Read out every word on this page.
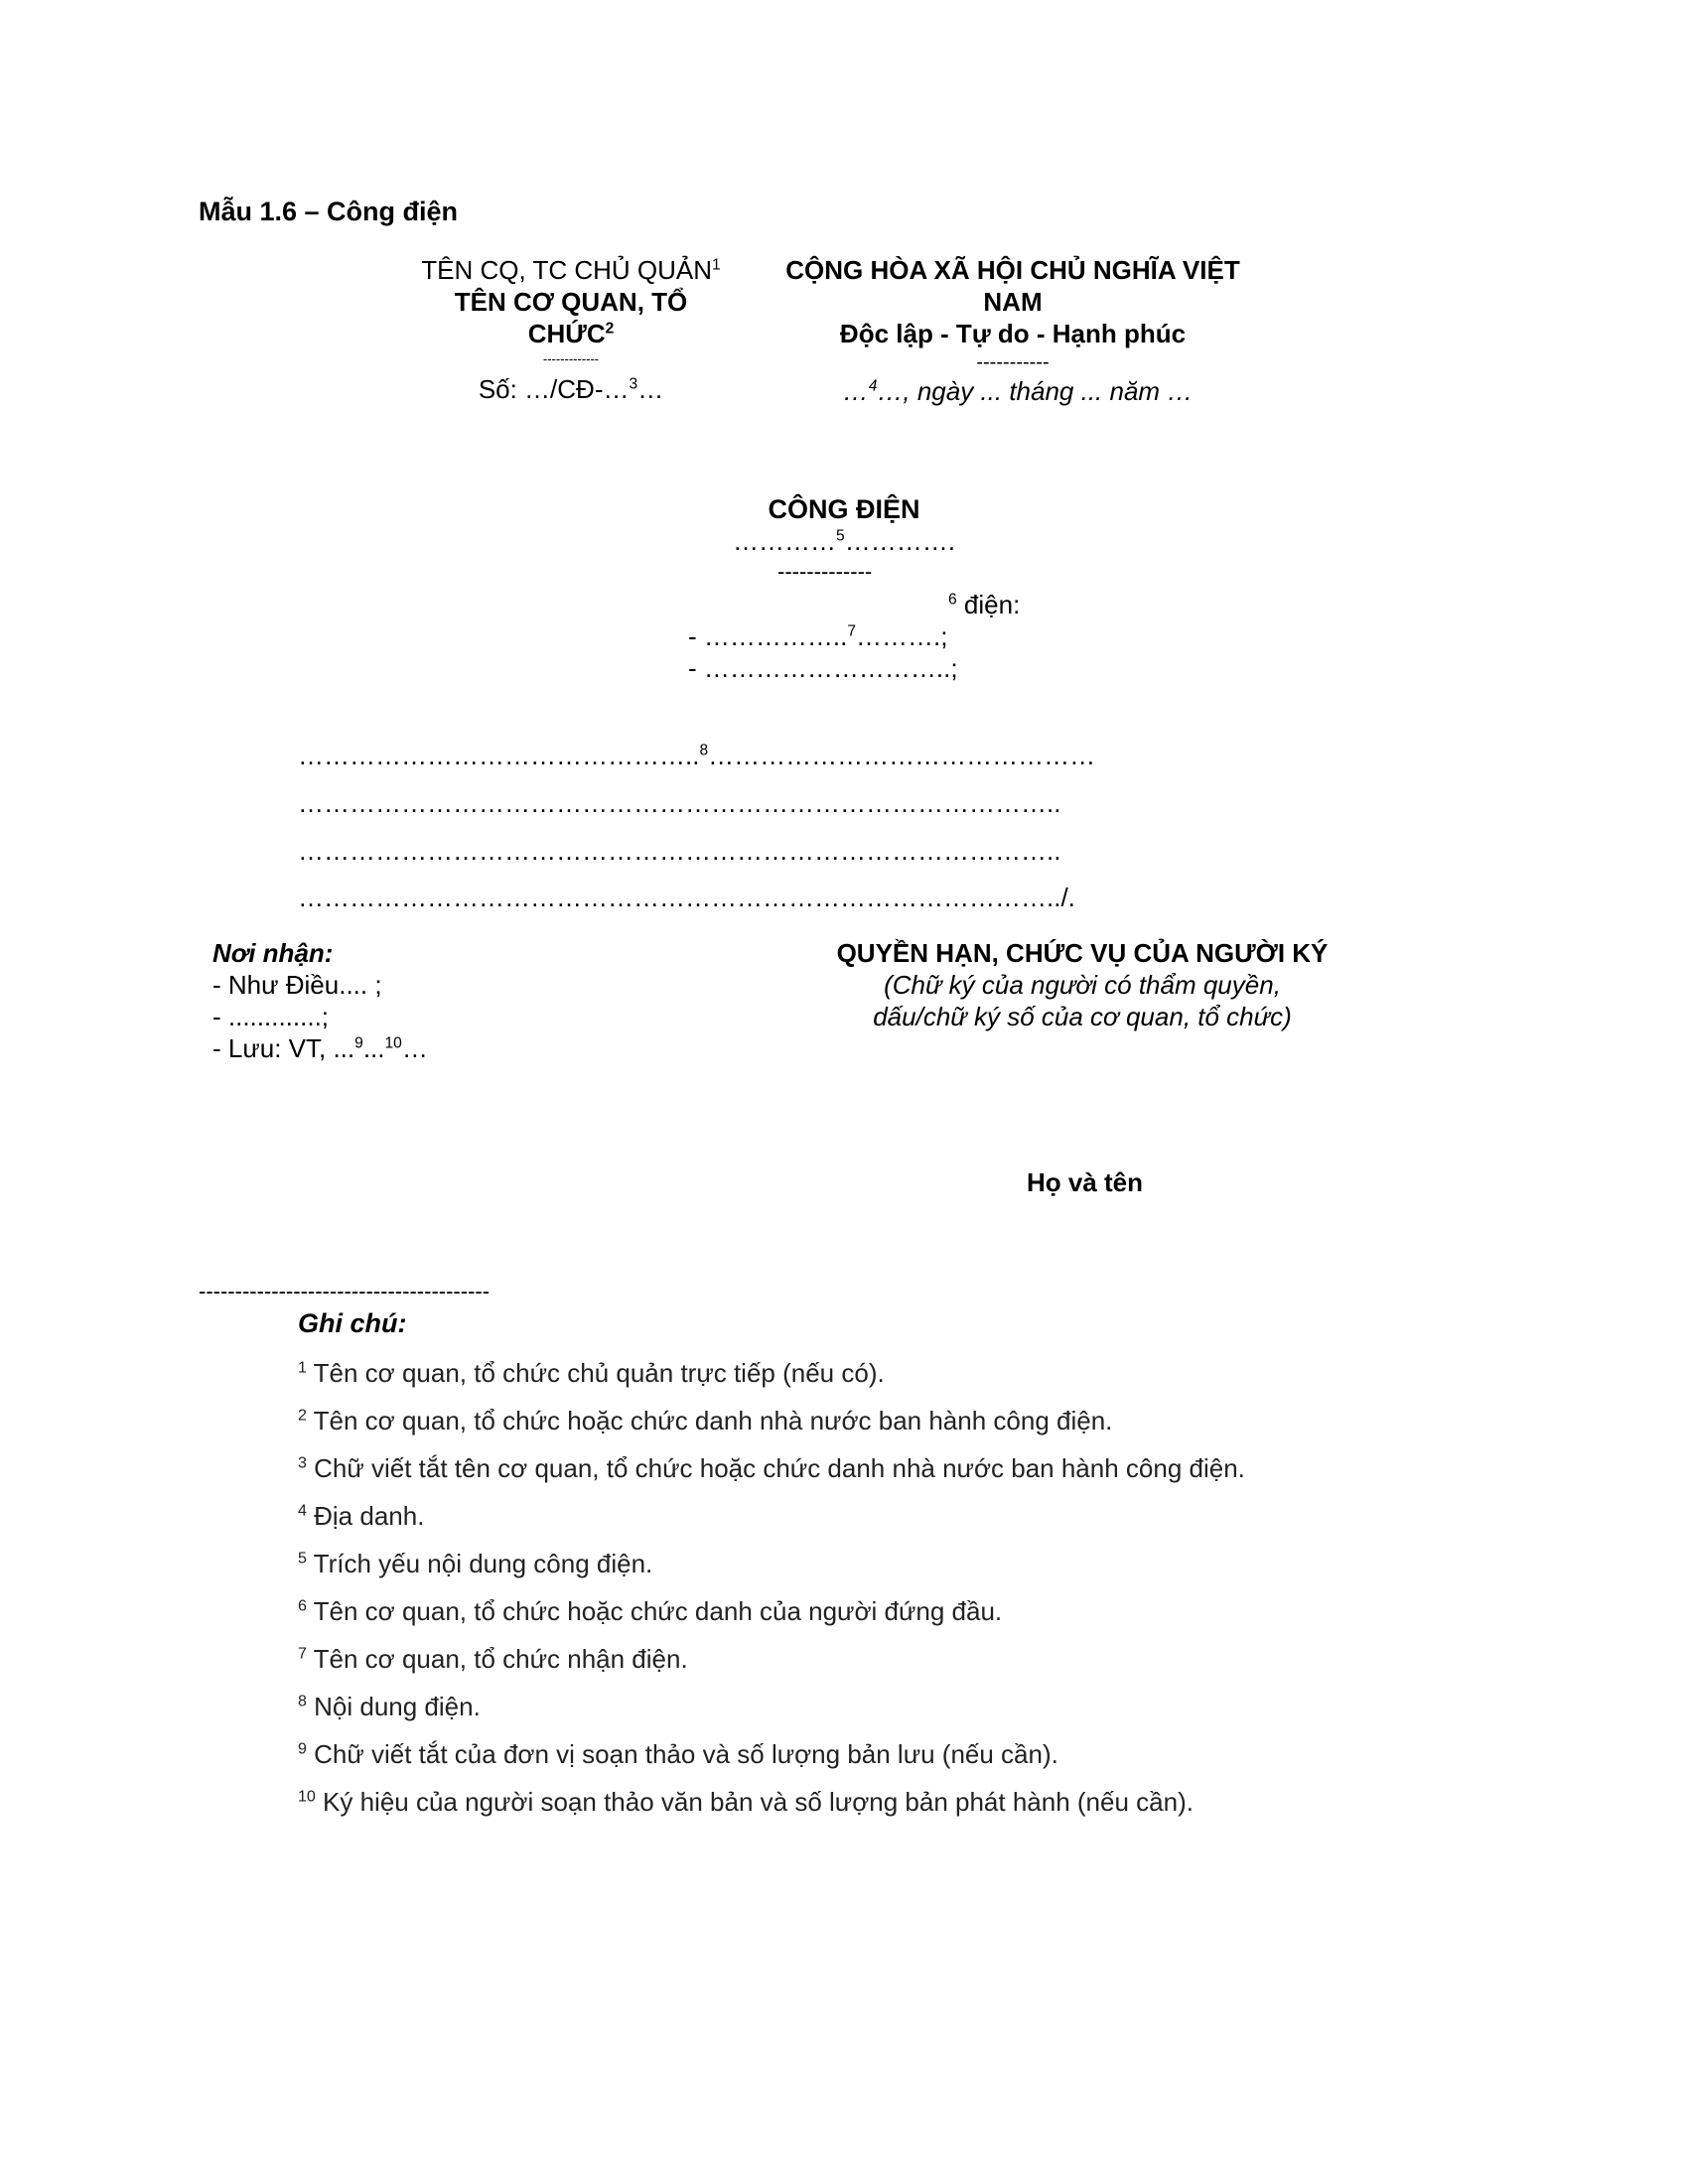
Mẫu 1.6 – Công điện
TÊN CQ, TC CHỦ QUẢN$^1$
TÊN CƠ QUAN, TỔ
CHỨC$^2$
-------------
Số: …/CĐ-…$^3$…
CỘNG HÒA XÃ HỘI CHỦ NGHĨA VIỆT
NAM
Độc lập - Tự do - Hạnh phúc
-----------
…$^4$…, ngày ... tháng ... năm …
CÔNG ĐIỆN
…………$^5$………….
-------------
$^6$ điện:
- ……………..$^7$……….;
- ………………………..;
………………………………………..$^8$………………………………………
……………………………………………………………………………..
……………………………………………………………………………..
……………………………………………………………………………../.
Nơi nhận:
- Như Điều.... ;
- .............;
- Lưu: VT, ...$^9$...$^{10}$…
QUYỀN HẠN, CHỨC VỤ CỦA NGƯỜI KÝ
(Chữ ký của người có thẩm quyền,
dấu/chữ ký số của cơ quan, tổ chức)
Họ và tên
----------------------------------------
Ghi chú:
$^1$ Tên cơ quan, tổ chức chủ quản trực tiếp (nếu có).
$^2$ Tên cơ quan, tổ chức hoặc chức danh nhà nước ban hành công điện.
$^3$ Chữ viết tắt tên cơ quan, tổ chức hoặc chức danh nhà nước ban hành công điện.
$^4$ Địa danh.
$^5$ Trích yếu nội dung công điện.
$^6$ Tên cơ quan, tổ chức hoặc chức danh của người đứng đầu.
$^7$ Tên cơ quan, tổ chức nhận điện.
$^8$ Nội dung điện.
$^9$ Chữ viết tắt của đơn vị soạn thảo và số lượng bản lưu (nếu cần).
$^{10}$ Ký hiệu của người soạn thảo văn bản và số lượng bản phát hành (nếu cần).
